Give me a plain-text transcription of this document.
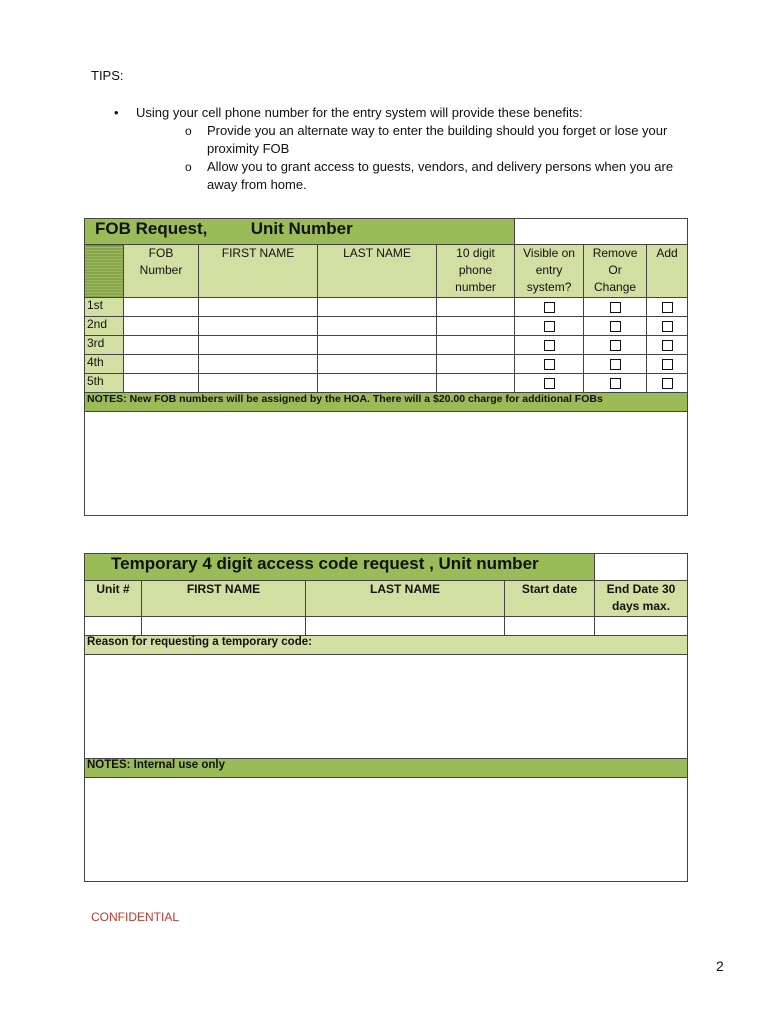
TIPS:
• Using your cell phone number for the entry system will provide these benefits:
o Provide you an alternate way to enter the building should you forget or lose your proximity FOB
o Allow you to grant access to guests, vendors, and delivery persons when you are away from home.
FOB Request, Unit Number							
	FOB Number	FIRST NAME	LAST NAME	10 digit phone number	Visible on entry system?	Remove Or Change	Add
1st							
2nd							
3rd							
4th							
5th							
NOTES: New FOB numbers will be assigned by the HOA. There will a $20.00 charge for additional FOBs							

Temporary 4 digit access code request , Unit number				
Unit #	FIRST NAME	LAST NAME	Start date	End Date 30 days max.

Reason for requesting a temporary code:				

NOTES: Internal use only				

CONFIDENTIAL
2
